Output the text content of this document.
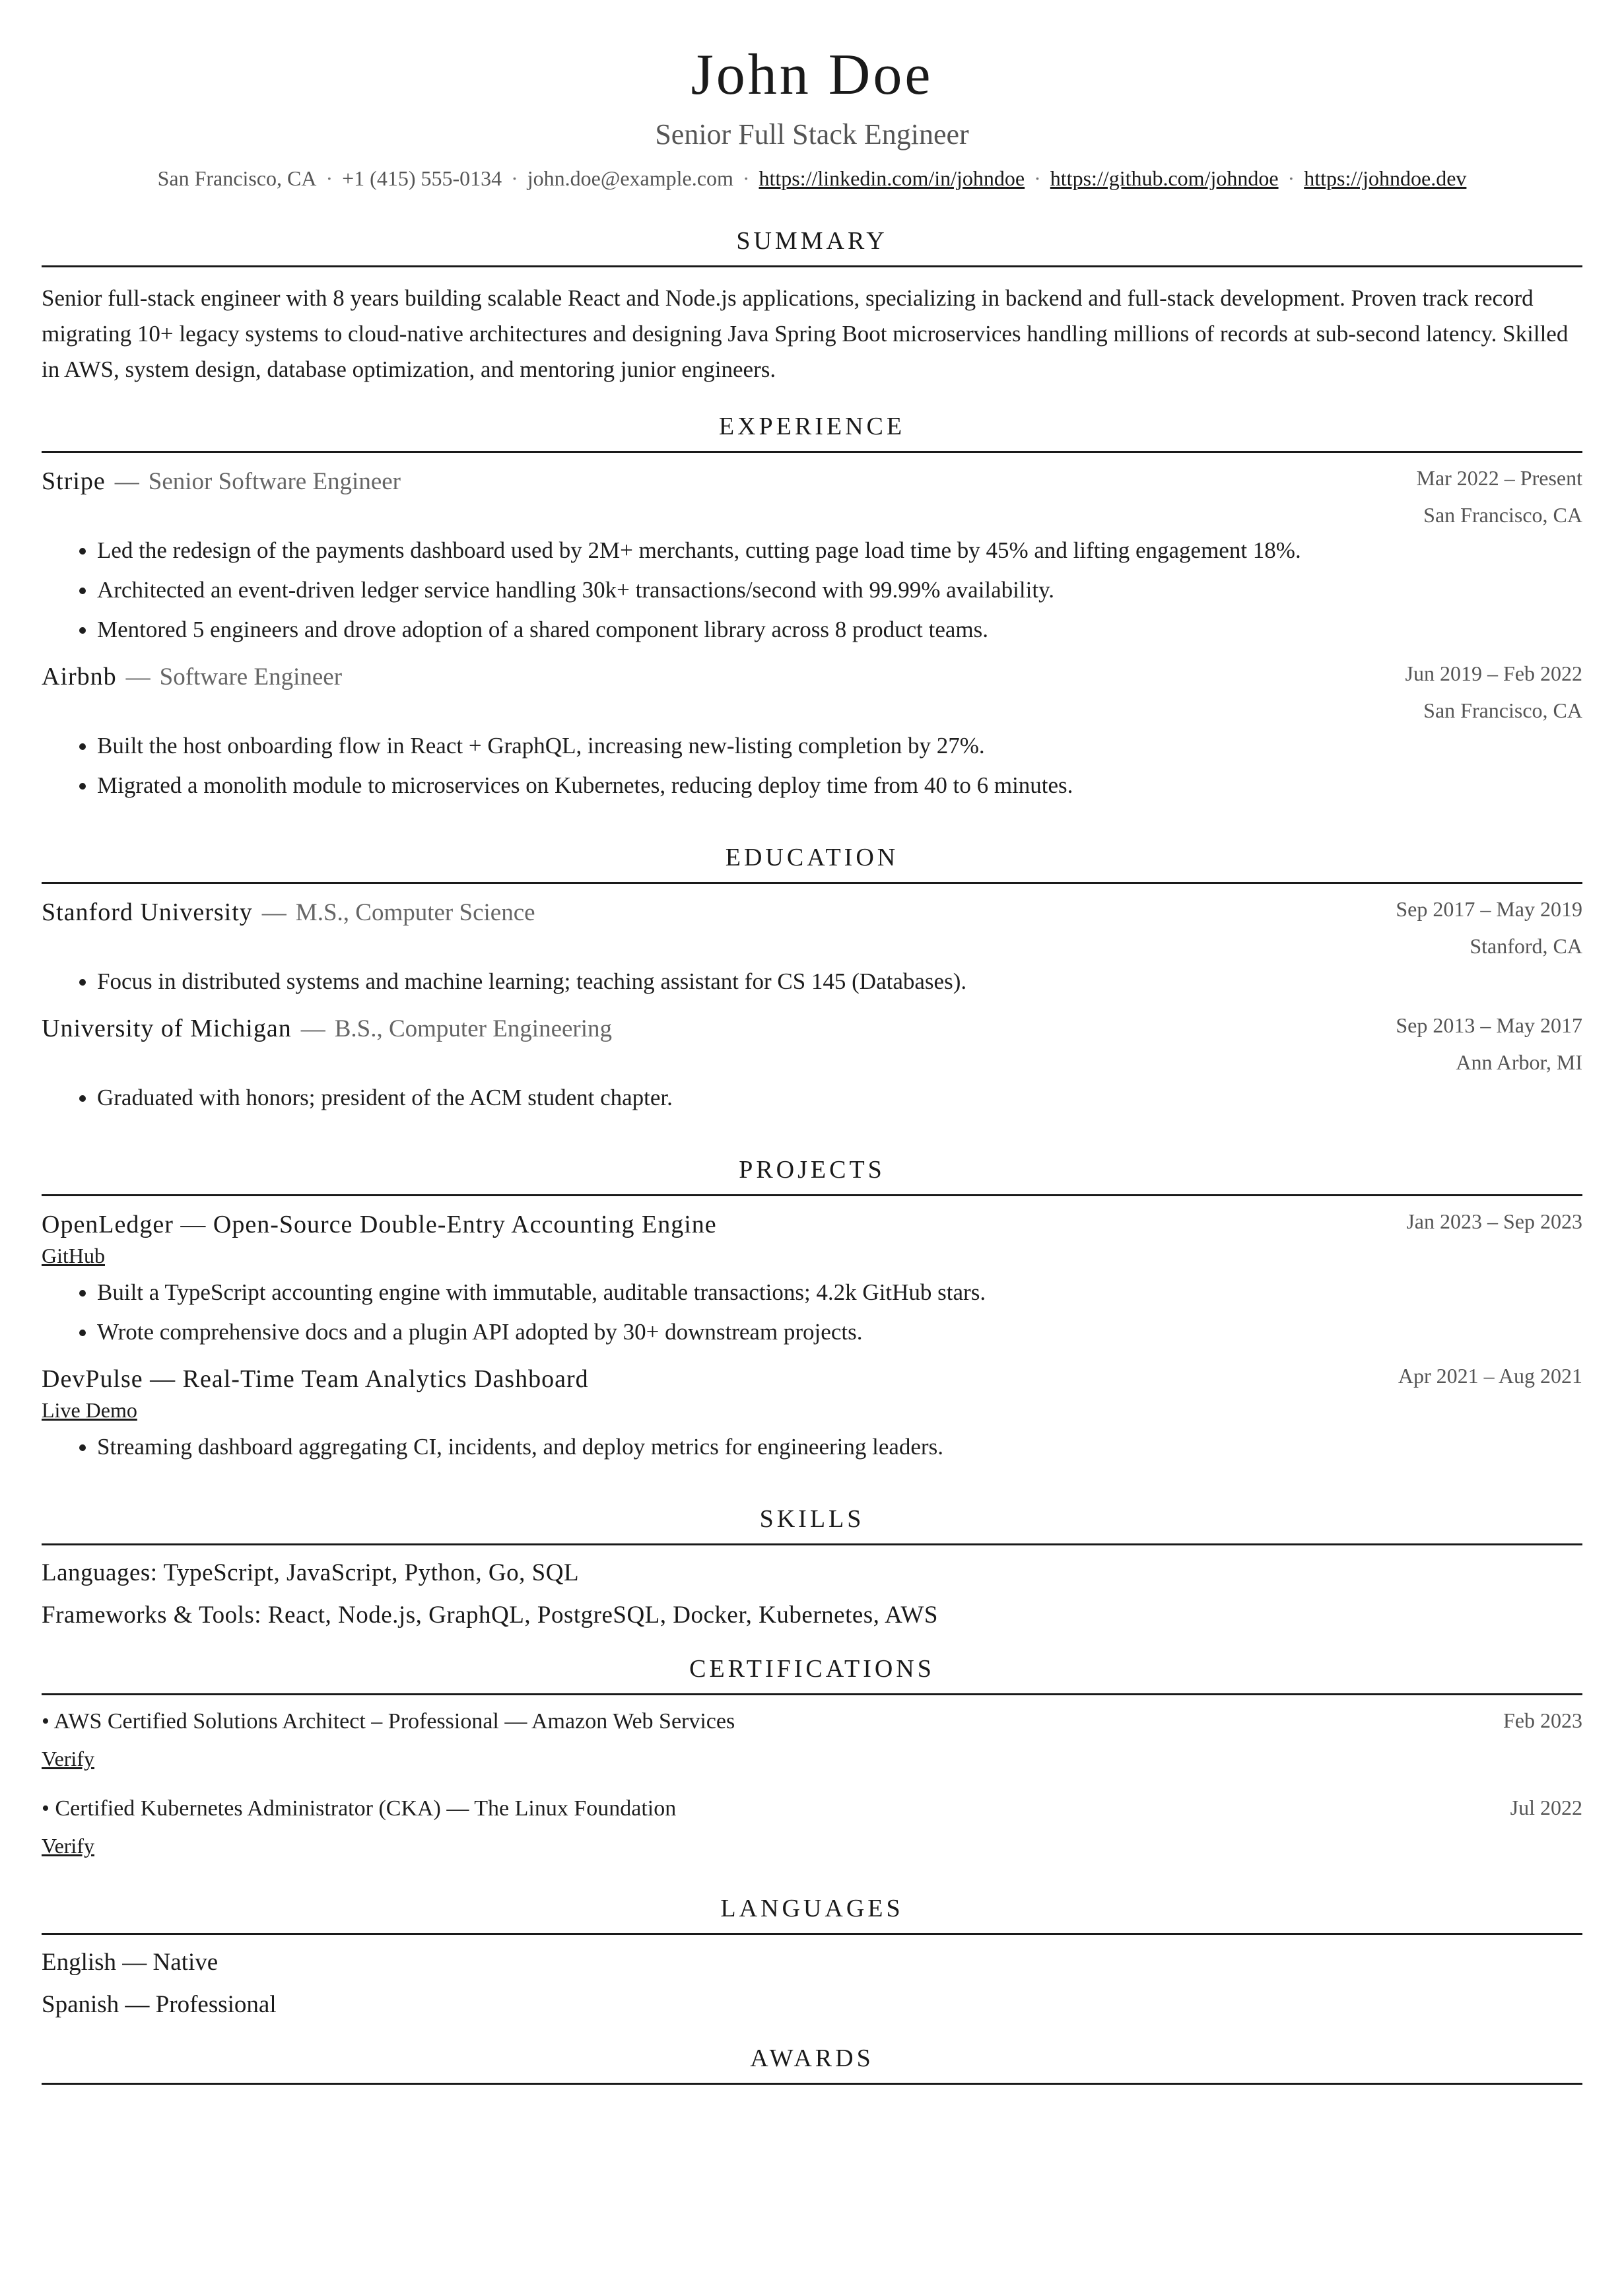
John Doe
Senior Full Stack Engineer
San Francisco, CA · +1 (415) 555-0134 · john.doe@example.com · https://linkedin.com/in/johndoe · https://github.com/johndoe · https://johndoe.dev
SUMMARY
Senior full-stack engineer with 8 years building scalable React and Node.js applications, specializing in backend and full-stack development. Proven track record migrating 10+ legacy systems to cloud-native architectures and designing Java Spring Boot microservices handling millions of records at sub-second latency. Skilled in AWS, system design, database optimization, and mentoring junior engineers.
EXPERIENCE
Stripe — Senior Software Engineer	Mar 2022 – Present
San Francisco, CA
• Led the redesign of the payments dashboard used by 2M+ merchants, cutting page load time by 45% and lifting engagement 18%.
• Architected an event-driven ledger service handling 30k+ transactions/second with 99.99% availability.
• Mentored 5 engineers and drove adoption of a shared component library across 8 product teams.
Airbnb — Software Engineer	Jun 2019 – Feb 2022
San Francisco, CA
• Built the host onboarding flow in React + GraphQL, increasing new-listing completion by 27%.
• Migrated a monolith module to microservices on Kubernetes, reducing deploy time from 40 to 6 minutes.
EDUCATION
Stanford University — M.S., Computer Science	Sep 2017 – May 2019
Stanford, CA
• Focus in distributed systems and machine learning; teaching assistant for CS 145 (Databases).
University of Michigan — B.S., Computer Engineering	Sep 2013 – May 2017
Ann Arbor, MI
• Graduated with honors; president of the ACM student chapter.
PROJECTS
OpenLedger — Open-Source Double-Entry Accounting Engine	Jan 2023 – Sep 2023
GitHub
• Built a TypeScript accounting engine with immutable, auditable transactions; 4.2k GitHub stars.
• Wrote comprehensive docs and a plugin API adopted by 30+ downstream projects.
DevPulse — Real-Time Team Analytics Dashboard	Apr 2021 – Aug 2021
Live Demo
• Streaming dashboard aggregating CI, incidents, and deploy metrics for engineering leaders.
SKILLS
Languages: TypeScript, JavaScript, Python, Go, SQL
Frameworks & Tools: React, Node.js, GraphQL, PostgreSQL, Docker, Kubernetes, AWS
CERTIFICATIONS
• AWS Certified Solutions Architect – Professional — Amazon Web Services	Feb 2023
Verify
• Certified Kubernetes Administrator (CKA) — The Linux Foundation	Jul 2022
Verify
LANGUAGES
English — Native
Spanish — Professional
AWARDS
